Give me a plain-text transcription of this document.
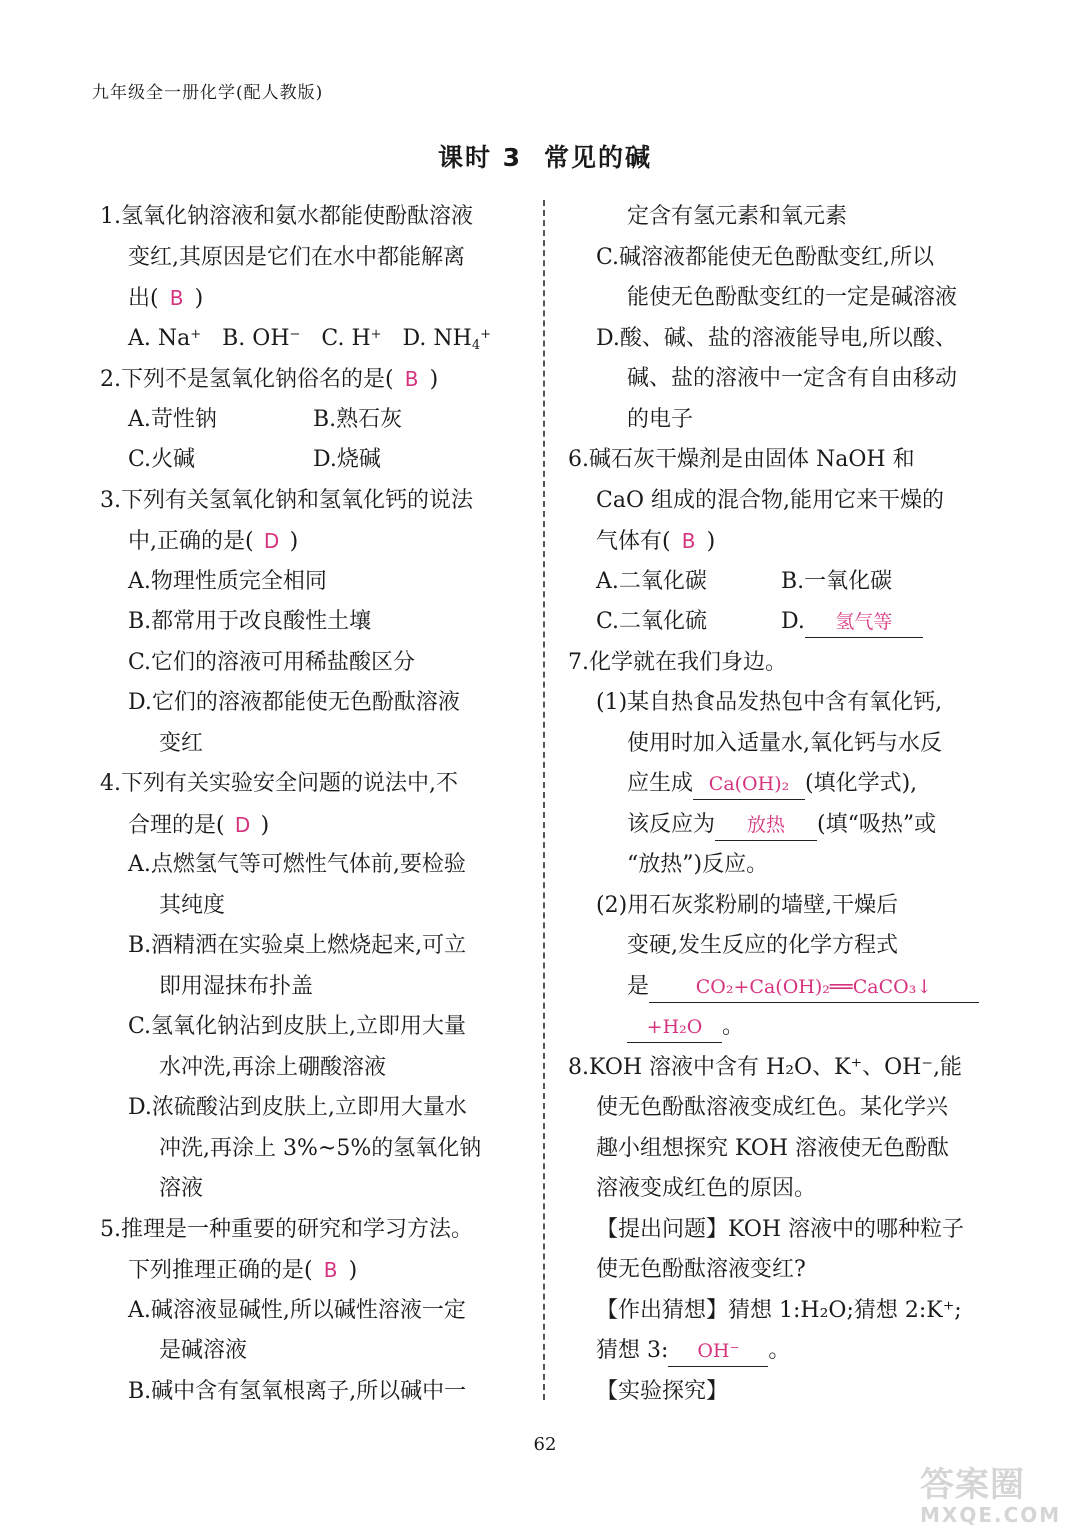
九年级全一册化学(配人教版)
课时 3 常见的碱
1.氢氧化钠溶液和氨水都能使酚酞溶液
变红,其原因是它们在水中都能解离
出( B )
A. Na+ B. OH− C. H+ D. $NH_4^+$
2.下列不是氢氧化钠俗名的是( B )
A.苛性钠	B.熟石灰
C.火碱	D.烧碱
3.下列有关氢氧化钠和氢氧化钙的说法
中,正确的是( D )
A.物理性质完全相同
B.都常用于改良酸性土壤
C.它们的溶液可用稀盐酸区分
D.它们的溶液都能使无色酚酞溶液
变红
4.下列有关实验安全问题的说法中,不
合理的是( D )
A.点燃氢气等可燃性气体前,要检验
其纯度
B.酒精洒在实验桌上燃烧起来,可立
即用湿抹布扑盖
C.氢氧化钠沾到皮肤上,立即用大量
水冲洗,再涂上硼酸溶液
D.浓硫酸沾到皮肤上,立即用大量水
冲洗,再涂上 3%~5%的氢氧化钠
溶液
5.推理是一种重要的研究和学习方法。
下列推理正确的是( B )
A.碱溶液显碱性,所以碱性溶液一定
是碱溶液
B.碱中含有氢氧根离子,所以碱中一
定含有氢元素和氧元素
C.碱溶液都能使无色酚酞变红,所以
能使无色酚酞变红的一定是碱溶液
D.酸、碱、盐的溶液能导电,所以酸、
碱、盐的溶液中一定含有自由移动
的电子
6.碱石灰干燥剂是由固体 NaOH 和
CaO 组成的混合物,能用它来干燥的
气体有( B )
A.二氧化碳	B.一氧化碳
C.二氧化硫	D. 氢气等
7.化学就在我们身边。
(1)某自热食品发热包中含有氧化钙,
使用时加入适量水,氧化钙与水反
应生成 Ca(OH)₂ (填化学式),
该反应为 放热 (填“吸热”或
“放热”)反应。
(2)用石灰浆粉刷的墙壁,干燥后
变硬,发生反应的化学方程式
是 CO₂+Ca(OH)₂══CaCO₃↓
+H₂O 。
8.KOH 溶液中含有 H₂O、K⁺、OH⁻,能
使无色酚酞溶液变成红色。某化学兴
趣小组想探究 KOH 溶液使无色酚酞
溶液变成红色的原因。
【提出问题】KOH 溶液中的哪种粒子
使无色酚酞溶液变红?
【作出猜想】猜想 1:H₂O;猜想 2:K⁺;
猜想 3: OH⁻ 。
【实验探究】
62
答案圈
MXQE.COM
